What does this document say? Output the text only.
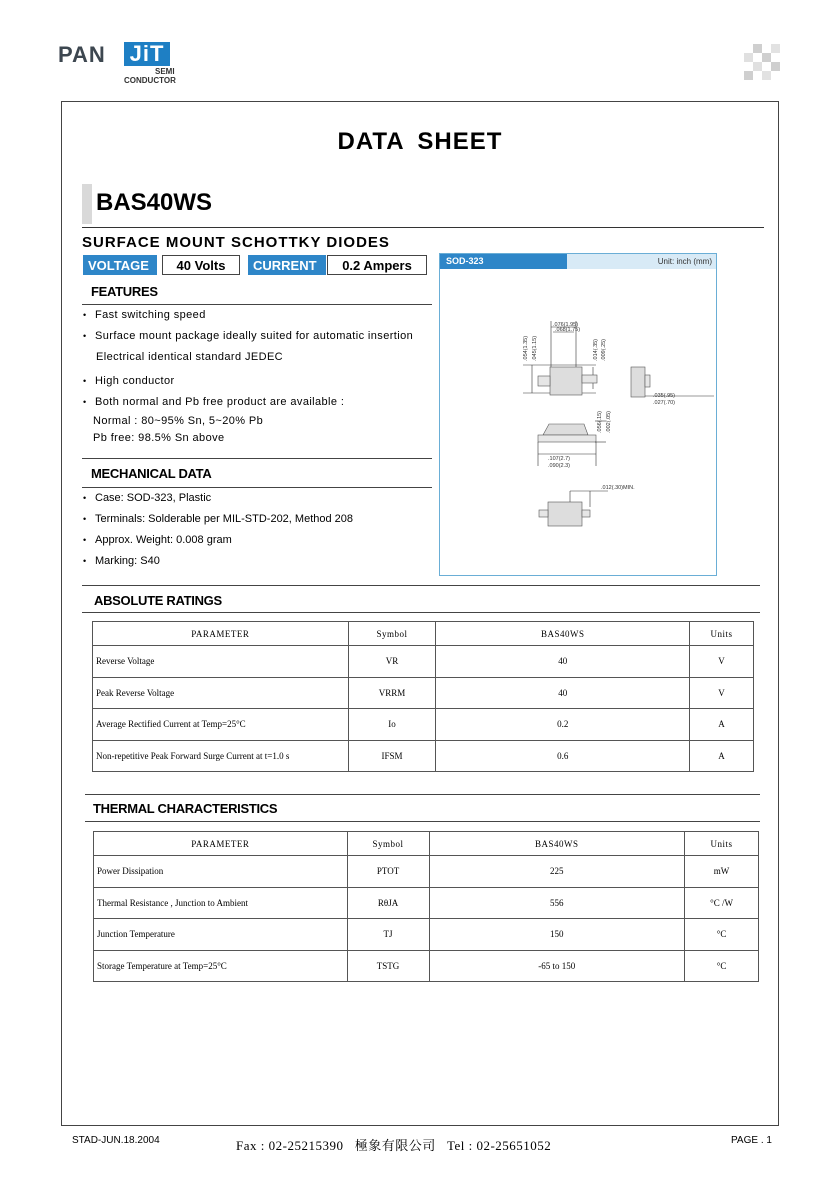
PAN JiT
SEMI
CONDUCTOR
DATA SHEET
BAS40WS
SURFACE MOUNT SCHOTTKY DIODES
VOLTAGE	40 Volts	CURRENT	0.2 Ampers
FEATURES
• Fast switching speed
• Surface mount package ideally suited for automatic insertion
Electrical identical standard JEDEC
• High conductor
• Both normal and Pb free product are available :
Normal : 80~95% Sn, 5~20% Pb
Pb free: 98.5% Sn above
MECHANICAL DATA
• Case: SOD-323, Plastic
• Terminals: Solderable per MIL-STD-202, Method 208
• Approx. Weight: 0.008 gram
• Marking: S40
SOD-323	Unit: inch (mm)
.076(1.95)
.068(1.75)
.054(1.35) .045(1.15)	.014(.35) .009(.25)
.035(.95)
.027(.70)
.056(.15) .002(.05)
.107(2.7)
.090(2.3)
.012(.30)MIN.
ABSOLUTE RATINGS
PARAMETER	Symbol	BAS40WS	Units
Reverse Voltage	VR	40	V
Peak Reverse Voltage	VRRM	40	V
Average Rectified Current at Temp=25°C	Io	0.2	A
Non-repetitive Peak Forward Surge Current at t=1.0 s	IFSM	0.6	A
THERMAL CHARACTERISTICS
PARAMETER	Symbol	BAS40WS	Units
Power Dissipation	PTOT	225	mW
Thermal Resistance , Junction to Ambient	RθJA	556	°C /W
Junction Temperature	TJ	150	°C
Storage Temperature at Temp=25°C	TSTG	-65 to 150	°C
STAD-JUN.18.2004	Fax : 02-25215390   極象有限公司   Tel : 02-25651052	PAGE . 1
